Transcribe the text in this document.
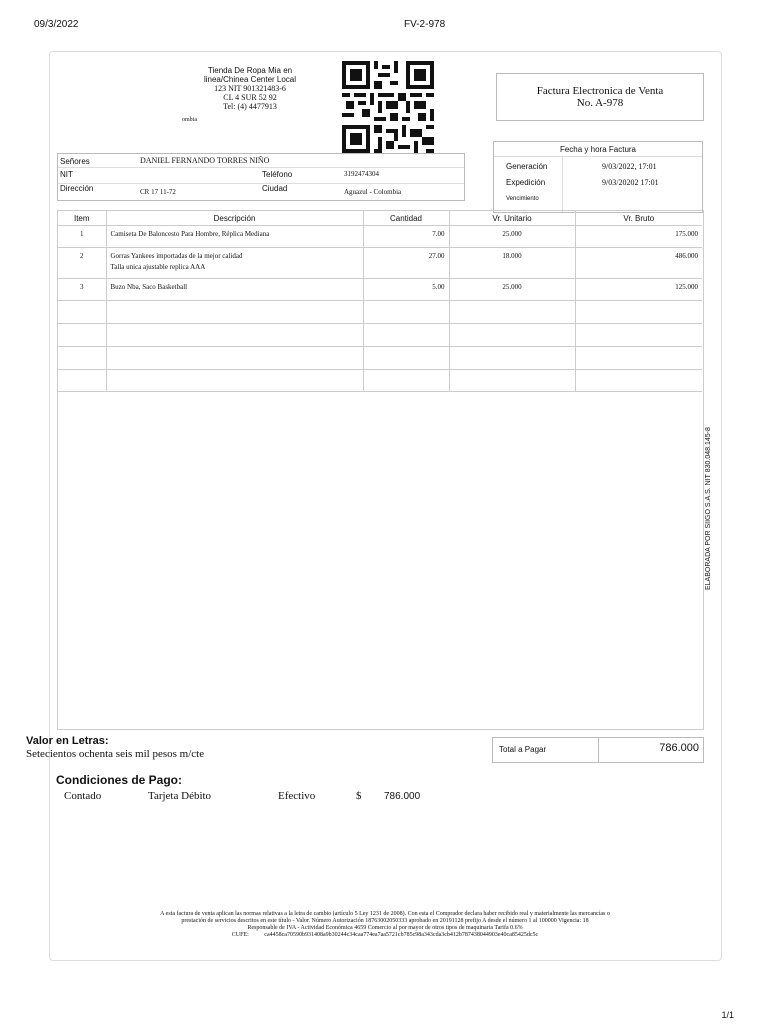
09/3/2022	FV-2-978
1/1
Tienda De Ropa Mia en
linea/Chinea Center Local
123 NIT 901321483-6
CL 4 SUR 52 92
Tel: (4) 4477913
ombia
Factura Electronica de Venta
No. A-978
Fecha y hora Factura
Generación	9/03/2022, 17:01
Expedición	9/03/20202 17:01
Vencimiento
Señores	DANIEL FERNANDO TORRES NIÑO
NIT	Teléfono	3192474304
Dirección	CR 17 11-72	Ciudad	Aguazul - Colombia
Item	Descripción	Cantidad	Vr. Unitario	Vr. Bruto
1	Camiseta De Baloncesto Para Hombre, Réplica Mediana	7.00	25.000	175.000
2	Gorras Yankees importadas de la mejor calidad
Talla unica ajustable replica AAA	27.00	18.000	486.000
3	Buzo Nba, Saco Basketball	5.00	25.000	125.000

ELABORADA POR SIIGO S.A.S. NIT 830.048.145-8
Valor en Letras:
Setecientos ochenta seis mil pesos m/cte	Total a Pagar	786.000
Condiciones de Pago:
Contado	Tarjeta Débito	Efectivo	$ 786.000
A esta factura de venta aplican las normas relativas a la letra de cambio (artículo 5 Ley 1231 de 2008). Con esta el Comprador declara haber recibido real y materialmente las mercancías o
prestación de servicios descritos en este título - Valor. Número Autorización 18763002050333 aprobado en 20191128 prefijo A desde el número 1 al 100000 Vigencia: 18
Responsable de IVA - Actividad Económica 4659 Comercio al por mayor de otros tipos de maquinaria Tarifa 0.6%
CUFE:	ca4458ca70590b931408a9b30244c34caa774ea7aa5721cb785c98a343cda3cb412b787438044903e40ca85425dc5c
